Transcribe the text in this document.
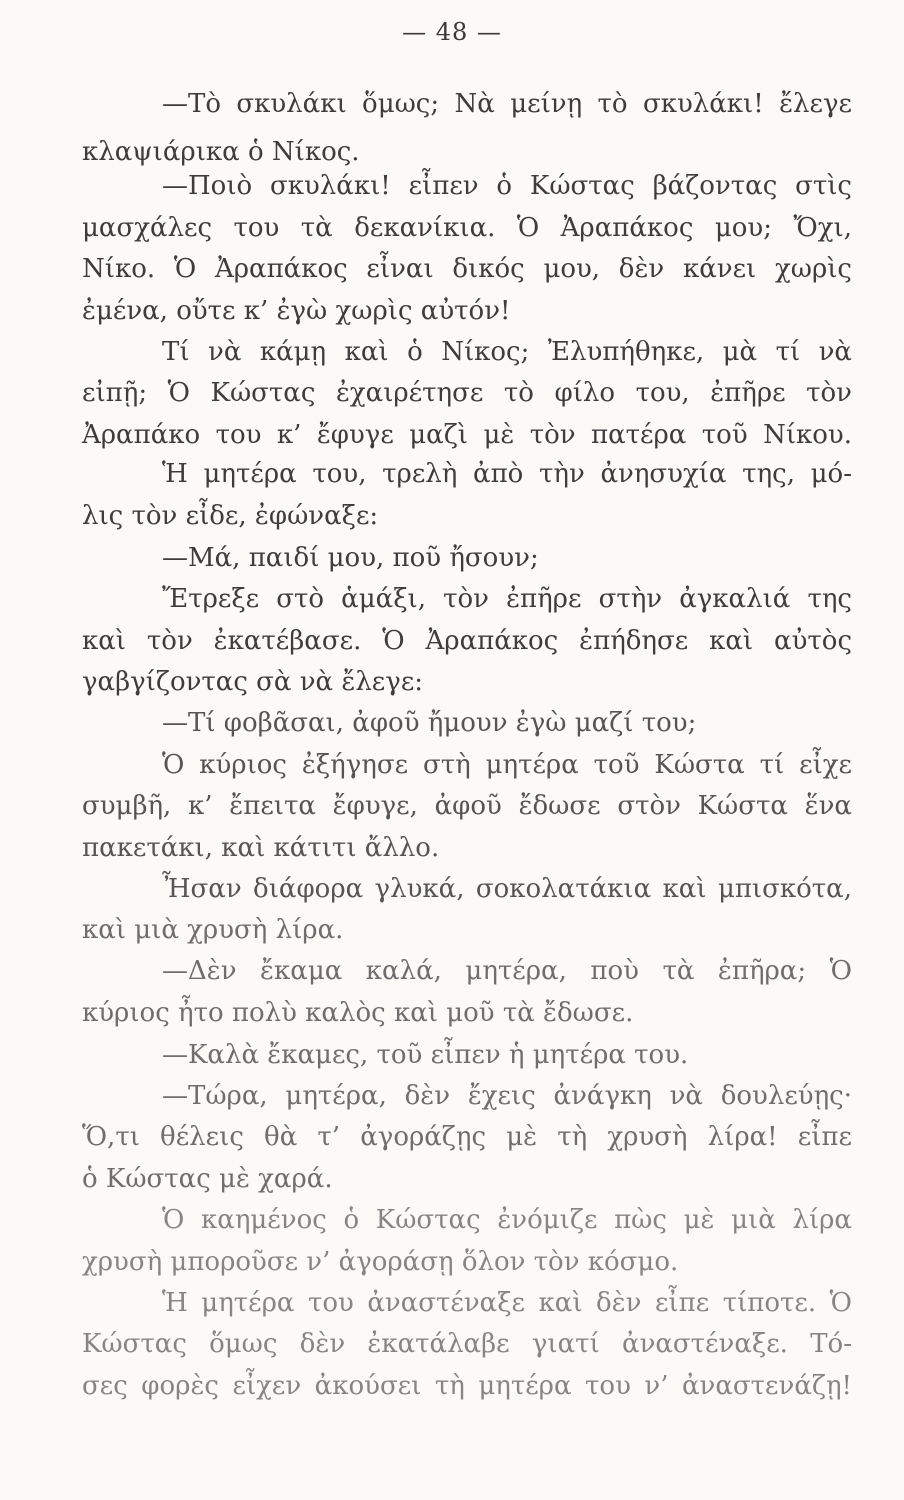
— 48 —
—Τὸ σκυλάκι ὅμως; Νὰ μείνῃ τὸ σκυλάκι! ἔλεγε
κλαψιάρικα ὁ Νίκος.
—Ποιὸ σκυλάκι! εἶπεν ὁ Κώστας βάζοντας στὶς
μασχάλες του τὰ δεκανίκια. Ὁ Ἀραπάκος μου; Ὄχι,
Νίκο. Ὁ Ἀραπάκος εἶναι δικός μου, δὲν κάνει χωρὶς
ἐμένα, οὔτε κ’ ἐγὼ χωρὶς αὐτόν!
Τί νὰ κάμῃ καὶ ὁ Νίκος; Ἐλυπήθηκε, μὰ τί νὰ
εἰπῇ; Ὁ Κώστας ἐχαιρέτησε τὸ φίλο του, ἐπῆρε τὸν
Ἀραπάκο του κ’ ἔφυγε μαζὶ μὲ τὸν πατέρα τοῦ Νίκου.
Ἡ μητέρα του, τρελὴ ἀπὸ τὴν ἀνησυχία της, μό-
λις τὸν εἶδε, ἐφώναξε:
—Μά, παιδί μου, ποῦ ἤσουν;
Ἔτρεξε στὸ ἁμάξι, τὸν ἐπῆρε στὴν ἀγκαλιά της
καὶ τὸν ἐκατέβασε. Ὁ Ἀραπάκος ἐπήδησε καὶ αὐτὸς
γαβγίζοντας σὰ νὰ ἔλεγε:
—Τί φοβᾶσαι, ἀφοῦ ἤμουν ἐγὼ μαζί του;
Ὁ κύριος ἐξήγησε στὴ μητέρα τοῦ Κώστα τί εἶχε
συμβῆ, κ’ ἔπειτα ἔφυγε, ἀφοῦ ἔδωσε στὸν Κώστα ἕνα
πακετάκι, καὶ κάτιτι ἄλλο.
Ἦσαν διάφορα γλυκά, σοκολατάκια καὶ μπισκότα,
καὶ μιὰ χρυσὴ λίρα.
—Δὲν ἔκαμα καλά, μητέρα, ποὺ τὰ ἐπῆρα; Ὁ
κύριος ἦτο πολὺ καλὸς καὶ μοῦ τὰ ἔδωσε.
—Καλὰ ἔκαμες, τοῦ εἶπεν ἡ μητέρα του.
—Τώρα, μητέρα, δὲν ἔχεις ἀνάγκη νὰ δουλεύῃς·
Ὅ,τι θέλεις θὰ τ’ ἀγοράζῃς μὲ τὴ χρυσὴ λίρα! εἶπε
ὁ Κώστας μὲ χαρά.
Ὁ καημένος ὁ Κώστας ἐνόμιζε πὼς μὲ μιὰ λίρα
χρυσὴ μποροῦσε ν’ ἀγοράσῃ ὅλον τὸν κόσμο.
Ἡ μητέρα του ἀναστέναξε καὶ δὲν εἶπε τίποτε. Ὁ
Κώστας ὅμως δὲν ἐκατάλαβε γιατί ἀναστέναξε. Τό-
σες φορὲς εἶχεν ἀκούσει τὴ μητέρα του ν’ ἀναστενάζῃ!
